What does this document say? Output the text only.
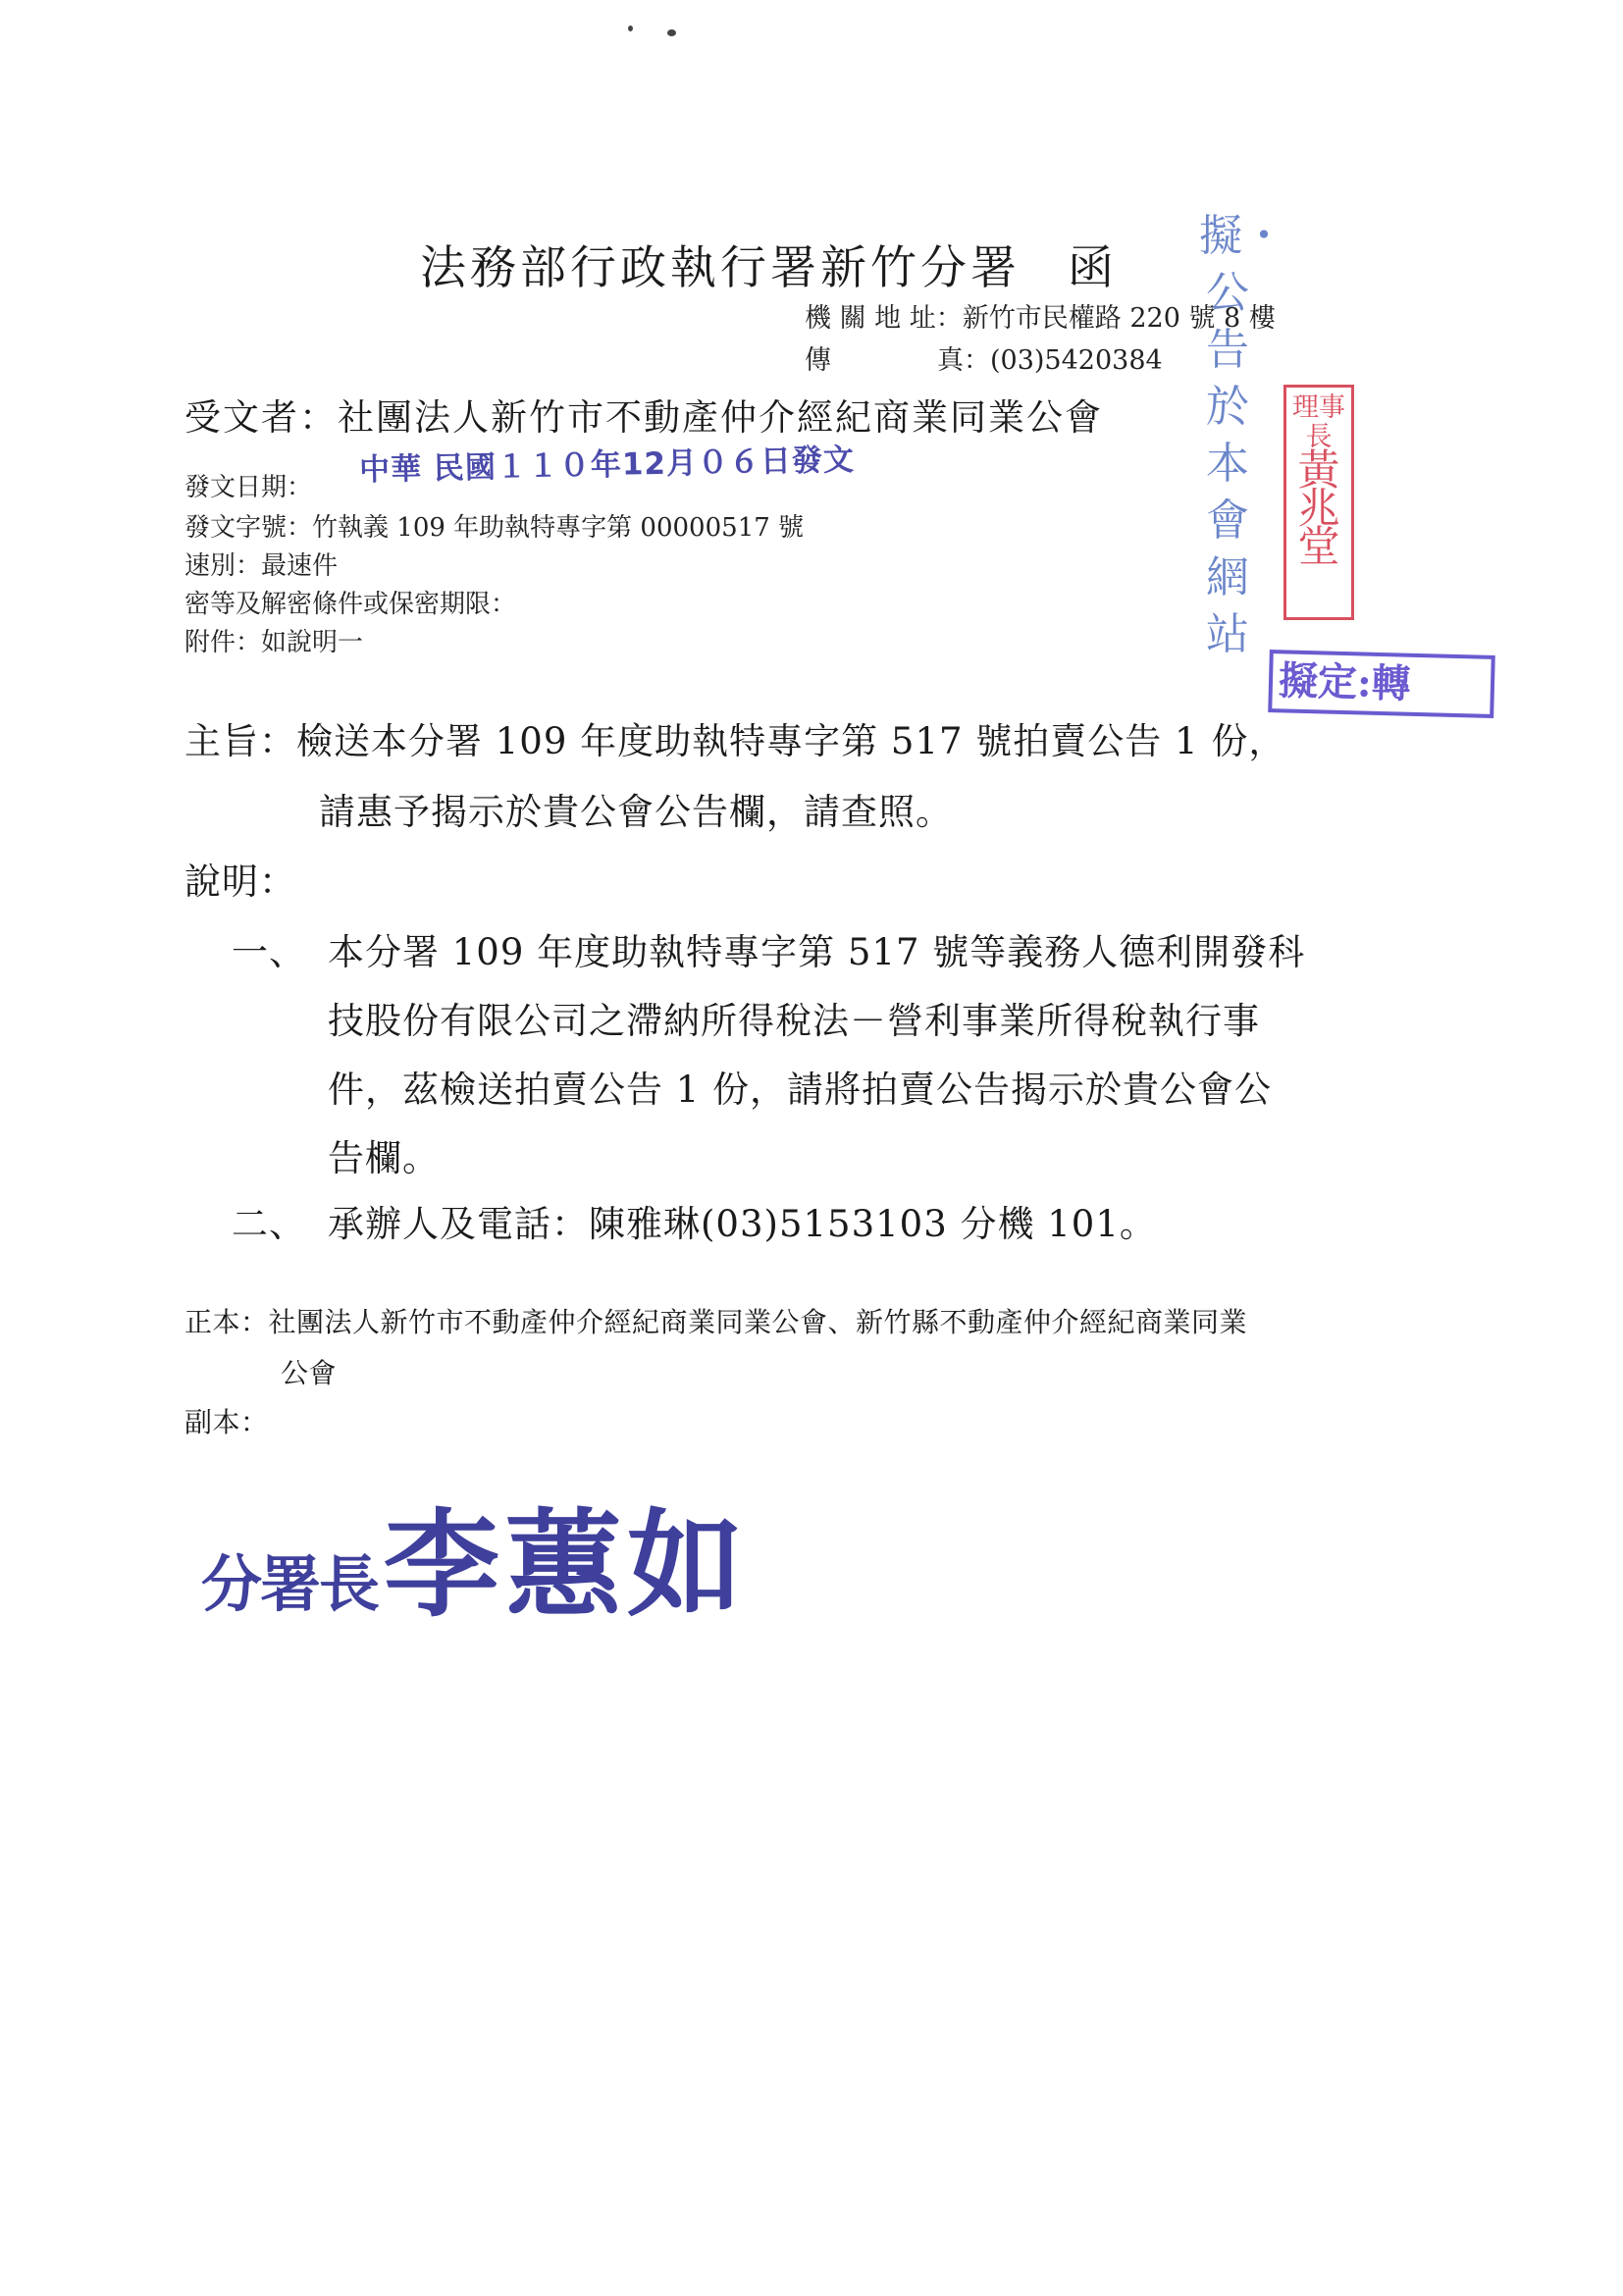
法務部行政執行署新竹分署 函
機 關 地 址：新竹市民權路 220 號 8 樓
傳　　　　真：(03)5420384
受文者：社團法人新竹市不動產仲介經紀商業同業公會
發文日期： 中華 民國１１０年12月０６日發文
發文字號：竹執義 109 年助執特專字第 00000517 號
速別：最速件
密等及解密條件或保密期限：
附件：如說明一
主旨：檢送本分署 109 年度助執特專字第 517 號拍賣公告 1 份，
請惠予揭示於貴公會公告欄，請查照。
說明：
一、 本分署 109 年度助執特專字第 517 號等義務人德利開發科
技股份有限公司之滯納所得稅法－營利事業所得稅執行事
件，茲檢送拍賣公告 1 份，請將拍賣公告揭示於貴公會公
告欄。
二、 承辦人及電話：陳雅琳(03)5153103 分機 101。
正本：社團法人新竹市不動產仲介經紀商業同業公會、新竹縣不動產仲介經紀商業同業
公會
副本：
分署長李蕙如
擬・公告於本會網站
理事長
黃兆堂
擬定:轉
